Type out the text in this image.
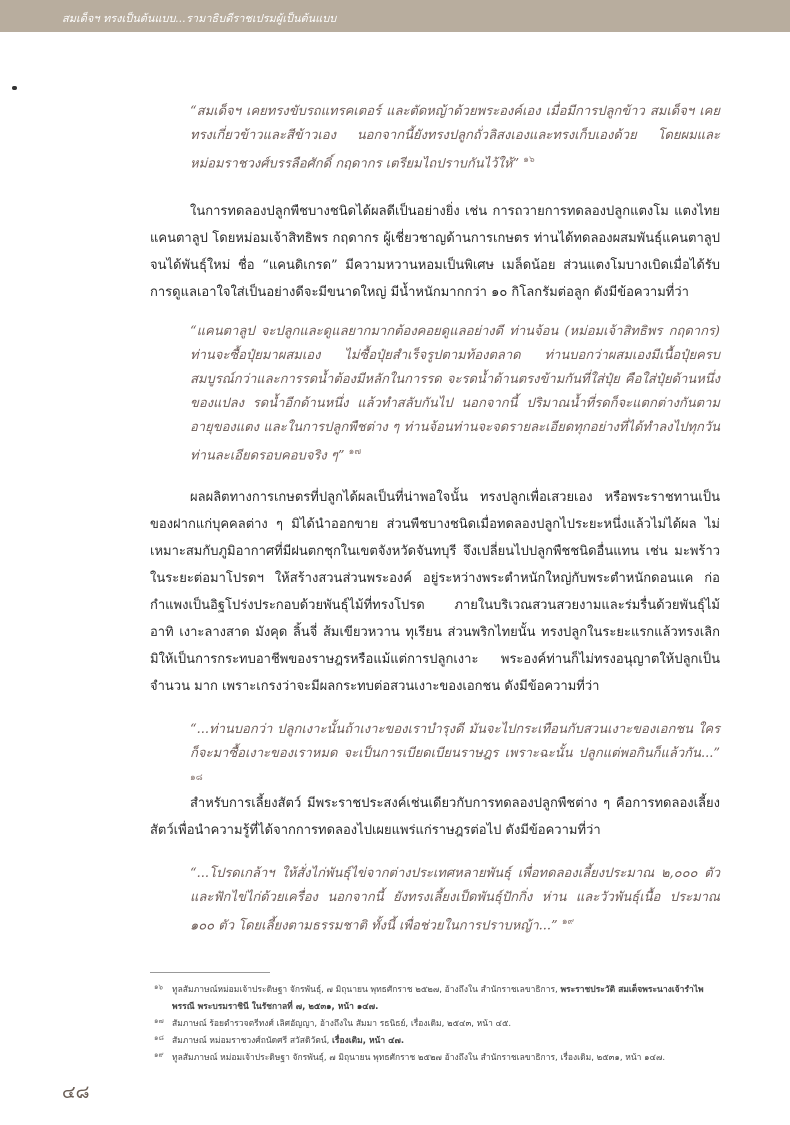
สมเด็จฯ ทรงเป็นต้นแบบ...รามาธิบดีราชเปรมผู้เป็นต้นแบบ
“สมเด็จฯ เคยทรงขับรถแทรคเตอร์ และตัดหญ้าด้วยพระองค์เอง เมื่อมีการปลูกข้าว สมเด็จฯ เคยทรงเกี่ยวข้าวและสีข้าวเอง นอกจากนี้ยังทรงปลูกถั่วลิสงเองและทรงเก็บเองด้วย โดยผมและหม่อมราชวงศ์บรรลือศักดิ์ กฤดากร เตรียมไถปราบกันไว้ให้” $^{๑๖}$
ในการทดลองปลูกพืชบางชนิดได้ผลดีเป็นอย่างยิ่ง เช่น การถวายการทดลองปลูกแตงโม แตงไทย แคนตาลูป โดยหม่อมเจ้าสิทธิพร กฤดากร ผู้เชี่ยวชาญด้านการเกษตร ท่านได้ทดลองผสมพันธุ์แคนตาลูป จนได้พันธุ์ใหม่ ชื่อ “แคนดิเกรด” มีความหวานหอมเป็นพิเศษ เมล็ดน้อย ส่วนแตงโมบางเบิดเมื่อได้รับการดูแลเอาใจใส่เป็นอย่างดีจะมีขนาดใหญ่ มีน้ำหนักมากกว่า ๑๐ กิโลกรัมต่อลูก ดังมีข้อความที่ว่า
“แคนตาลูป จะปลูกและดูแลยากมากต้องคอยดูแลอย่างดี ท่านจ้อน (หม่อมเจ้าสิทธิพร กฤดากร) ท่านจะซื้อปุ๋ยมาผสมเอง ไม่ซื้อปุ๋ยสำเร็จรูปตามท้องตลาด ท่านบอกว่าผสมเองมีเนื้อปุ๋ยครบสมบูรณ์กว่าและการรดน้ำต้องมีหลักในการรด จะรดน้ำด้านตรงข้ามกันที่ใส่ปุ๋ย คือใส่ปุ๋ยด้านหนึ่งของแปลง รดน้ำอีกด้านหนึ่ง แล้วทำสลับกันไป นอกจากนี้ ปริมาณน้ำที่รดก็จะแตกต่างกันตามอายุของแตง และในการปลูกพืชต่าง ๆ ท่านจ้อนท่านจะจดรายละเอียดทุกอย่างที่ได้ทำลงไปทุกวัน ท่านละเอียดรอบคอบจริง ๆ” $^{๑๗}$
ผลผลิตทางการเกษตรที่ปลูกได้ผลเป็นที่น่าพอใจนั้น ทรงปลูกเพื่อเสวยเอง หรือพระราชทานเป็นของฝากแก่บุคคลต่าง ๆ มิได้นำออกขาย ส่วนพืชบางชนิดเมื่อทดลองปลูกไประยะหนึ่งแล้วไม่ได้ผล ไม่เหมาะสมกับภูมิอากาศที่มีฝนตกชุกในเขตจังหวัดจันทบุรี จึงเปลี่ยนไปปลูกพืชชนิดอื่นแทน เช่น มะพร้าว ในระยะต่อมาโปรดฯ ให้สร้างสวนส่วนพระองค์ อยู่ระหว่างพระตำหนักใหญ่กับพระตำหนักดอนแค ก่อกำแพงเป็นอิฐโปร่งประกอบด้วยพันธุ์ไม้ที่ทรงโปรด ภายในบริเวณสวนสวยงามและร่มรื่นด้วยพันธุ์ไม้ อาทิ เงาะลางสาด มังคุด ลิ้นจี่ ส้มเขียวหวาน ทุเรียน ส่วนพริกไทยนั้น ทรงปลูกในระยะแรกแล้วทรงเลิก มิให้เป็นการกระทบอาชีพของราษฎรหรือแม้แต่การปลูกเงาะ พระองค์ท่านก็ไม่ทรงอนุญาตให้ปลูกเป็นจำนวน มาก เพราะเกรงว่าจะมีผลกระทบต่อสวนเงาะของเอกชน ดังมีข้อความที่ว่า
“...ท่านบอกว่า ปลูกเงาะนั้นถ้าเงาะของเราบำรุงดี มันจะไปกระเทือนกับสวนเงาะของเอกชน ใครก็จะมาซื้อเงาะของเราหมด จะเป็นการเบียดเบียนราษฎร เพราะฉะนั้น ปลูกแต่พอกินก็แล้วกัน...” $^{๑๘}$
สำหรับการเลี้ยงสัตว์ มีพระราชประสงค์เช่นเดียวกับการทดลองปลูกพืชต่าง ๆ คือการทดลองเลี้ยงสัตว์เพื่อนำความรู้ที่ได้จากการทดลองไปเผยแพร่แก่ราษฎรต่อไป ดังมีข้อความที่ว่า
“...โปรดเกล้าฯ ให้สั่งไก่พันธุ์ไข่จากต่างประเทศหลายพันธุ์ เพื่อทดลองเลี้ยงประมาณ ๒,๐๐๐ ตัว และฟักไข่ไก่ด้วยเครื่อง นอกจากนี้ ยังทรงเลี้ยงเป็ดพันธุ์ปักกิ่ง ห่าน และวัวพันธุ์เนื้อ ประมาณ ๑๐๐ ตัว โดยเลี้ยงตามธรรมชาติ ทั้งนี้ เพื่อช่วยในการปราบหญ้า...” $^{๑๙}$
๑๖ ทูลสัมภาษณ์หม่อมเจ้าประดิษฐา จักรพันธุ์, ๗ มิถุนายน พุทธศักราช ๒๕๒๗, อ้างถึงใน สำนักราชเลขาธิการ, พระราชประวัติ สมเด็จพระนางเจ้ารำไพพรรณี พระบรมราชินี ในรัชกาลที่ ๗, ๒๕๓๑, หน้า ๑๔๗.
๑๗ สัมภาษณ์ ร้อยตำรวจตรีทงศ์ เลิศอัญญา, อ้างถึงใน สัมมา รธนิธย์, เรื่องเดิม, ๒๕๔๓, หน้า ๔๕.
๑๘ สัมภาษณ์ หม่อมราชวงศ์ถนัดศรี สวัสดิวัตน์, เรื่องเดิม, หน้า ๔๗.
๑๙ ทูลสัมภาษณ์ หม่อมเจ้าประดิษฐา จักรพันธุ์, ๗ มิถุนายน พุทธศักราช ๒๕๒๗ อ้างถึงใน สำนักราชเลขาธิการ, เรื่องเดิม, ๒๕๓๑, หน้า ๑๔๗.
๔๘
